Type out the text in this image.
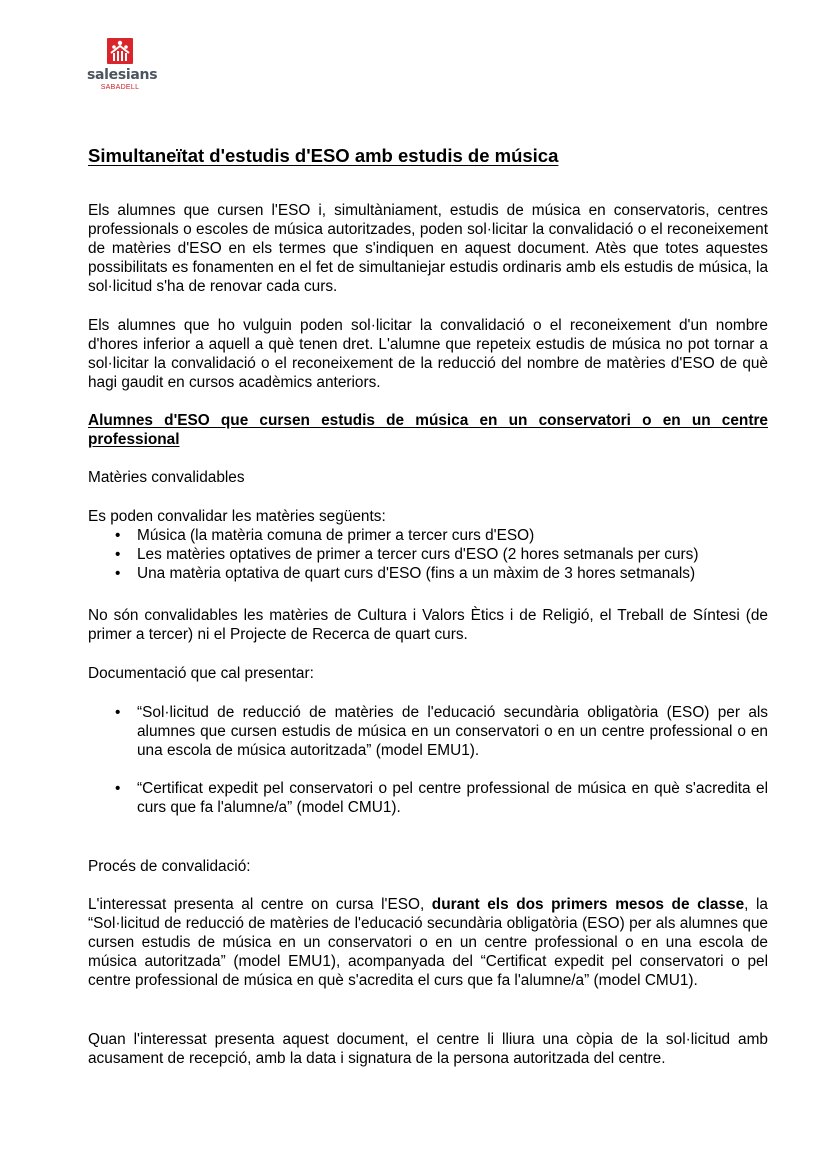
salesians
SABADELL
Simultaneïtat d'estudis d'ESO amb estudis de música

Els alumnes que cursen l'ESO i, simultàniament, estudis de música en conservatoris, centres professionals o escoles de música autoritzades, poden sol·licitar la convalidació o el reconeixement de matèries d'ESO en els termes que s'indiquen en aquest document. Atès que totes aquestes possibilitats es fonamenten en el fet de simultaniejar estudis ordinaris amb els estudis de música, la sol·licitud s'ha de renovar cada curs.

Els alumnes que ho vulguin poden sol·licitar la convalidació o el reconeixement d'un nombre d'hores inferior a aquell a què tenen dret. L'alumne que repeteix estudis de música no pot tornar a sol·licitar la convalidació o el reconeixement de la reducció del nombre de matèries d'ESO de què hagi gaudit en cursos acadèmics anteriors.

Alumnes d'ESO que cursen estudis de música en un conservatori o en un centre professional

Matèries convalidables

Es poden convalidar les matèries següents:

• Música (la matèria comuna de primer a tercer curs d'ESO)
• Les matèries optatives de primer a tercer curs d'ESO (2 hores setmanals per curs)
• Una matèria optativa de quart curs d'ESO (fins a un màxim de 3 hores setmanals)

No són convalidables les matèries de Cultura i Valors Ètics i de Religió, el Treball de Síntesi (de primer a tercer) ni el Projecte de Recerca de quart curs.

Documentació que cal presentar:

• “Sol·licitud de reducció de matèries de l'educació secundària obligatòria (ESO) per als alumnes que cursen estudis de música en un conservatori o en un centre professional o en una escola de música autoritzada” (model EMU1).
• “Certificat expedit pel conservatori o pel centre professional de música en què s'acredita el curs que fa l'alumne/a” (model CMU1).

Procés de convalidació:

L'interessat presenta al centre on cursa l'ESO, durant els dos primers mesos de classe, la “Sol·licitud de reducció de matèries de l'educació secundària obligatòria (ESO) per als alumnes que cursen estudis de música en un conservatori o en un centre professional o en una escola de música autoritzada” (model EMU1), acompanyada del “Certificat expedit pel conservatori o pel centre professional de música en què s'acredita el curs que fa l'alumne/a” (model CMU1).

Quan l'interessat presenta aquest document, el centre li lliura una còpia de la sol·licitud amb acusament de recepció, amb la data i signatura de la persona autoritzada del centre.
